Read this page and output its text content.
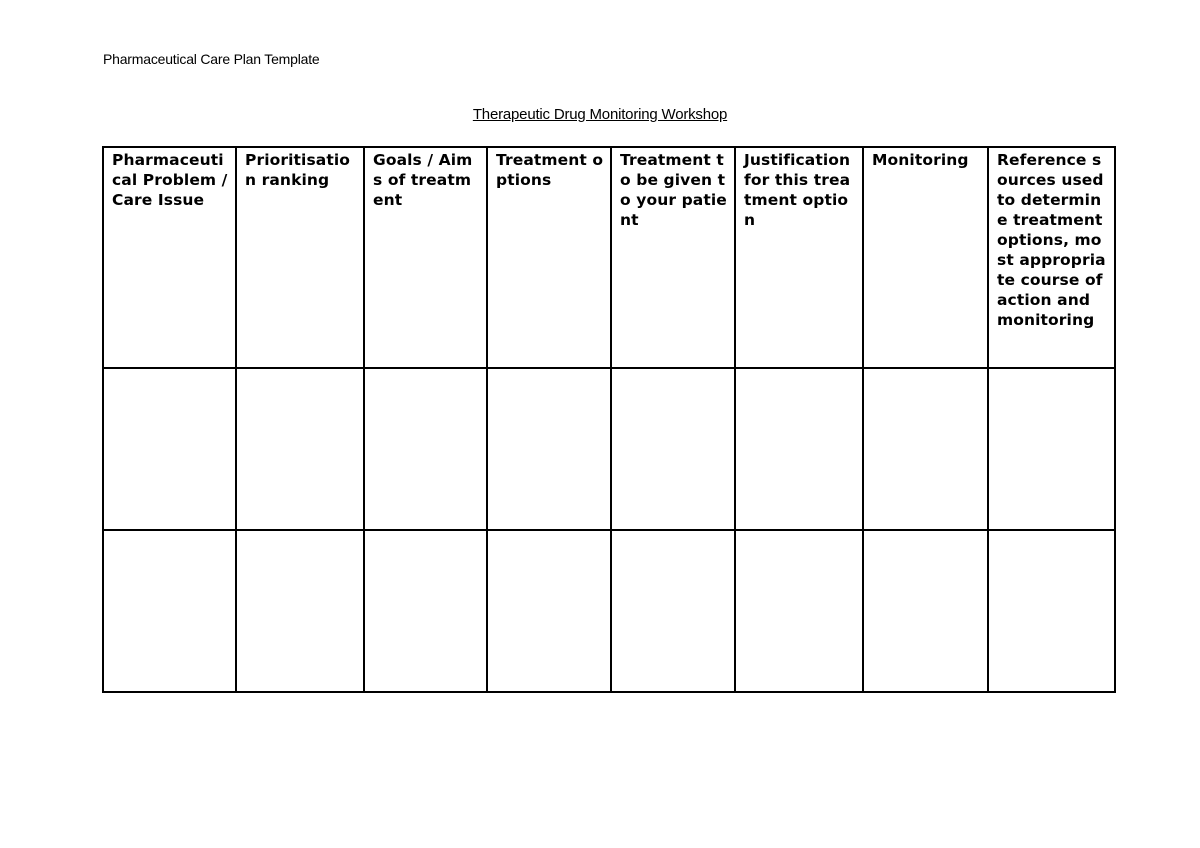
Pharmaceutical Care Plan Template
Therapeutic Drug Monitoring Workshop
Pharmaceutical Problem / Care Issue	Prioritisation ranking	Goals / Aims of treatment	Treatment options	Treatment to be given to your patient	Justification for this treatment option	Monitoring	Reference sources used to determine treatment options, most appropriate course of action and monitoring
